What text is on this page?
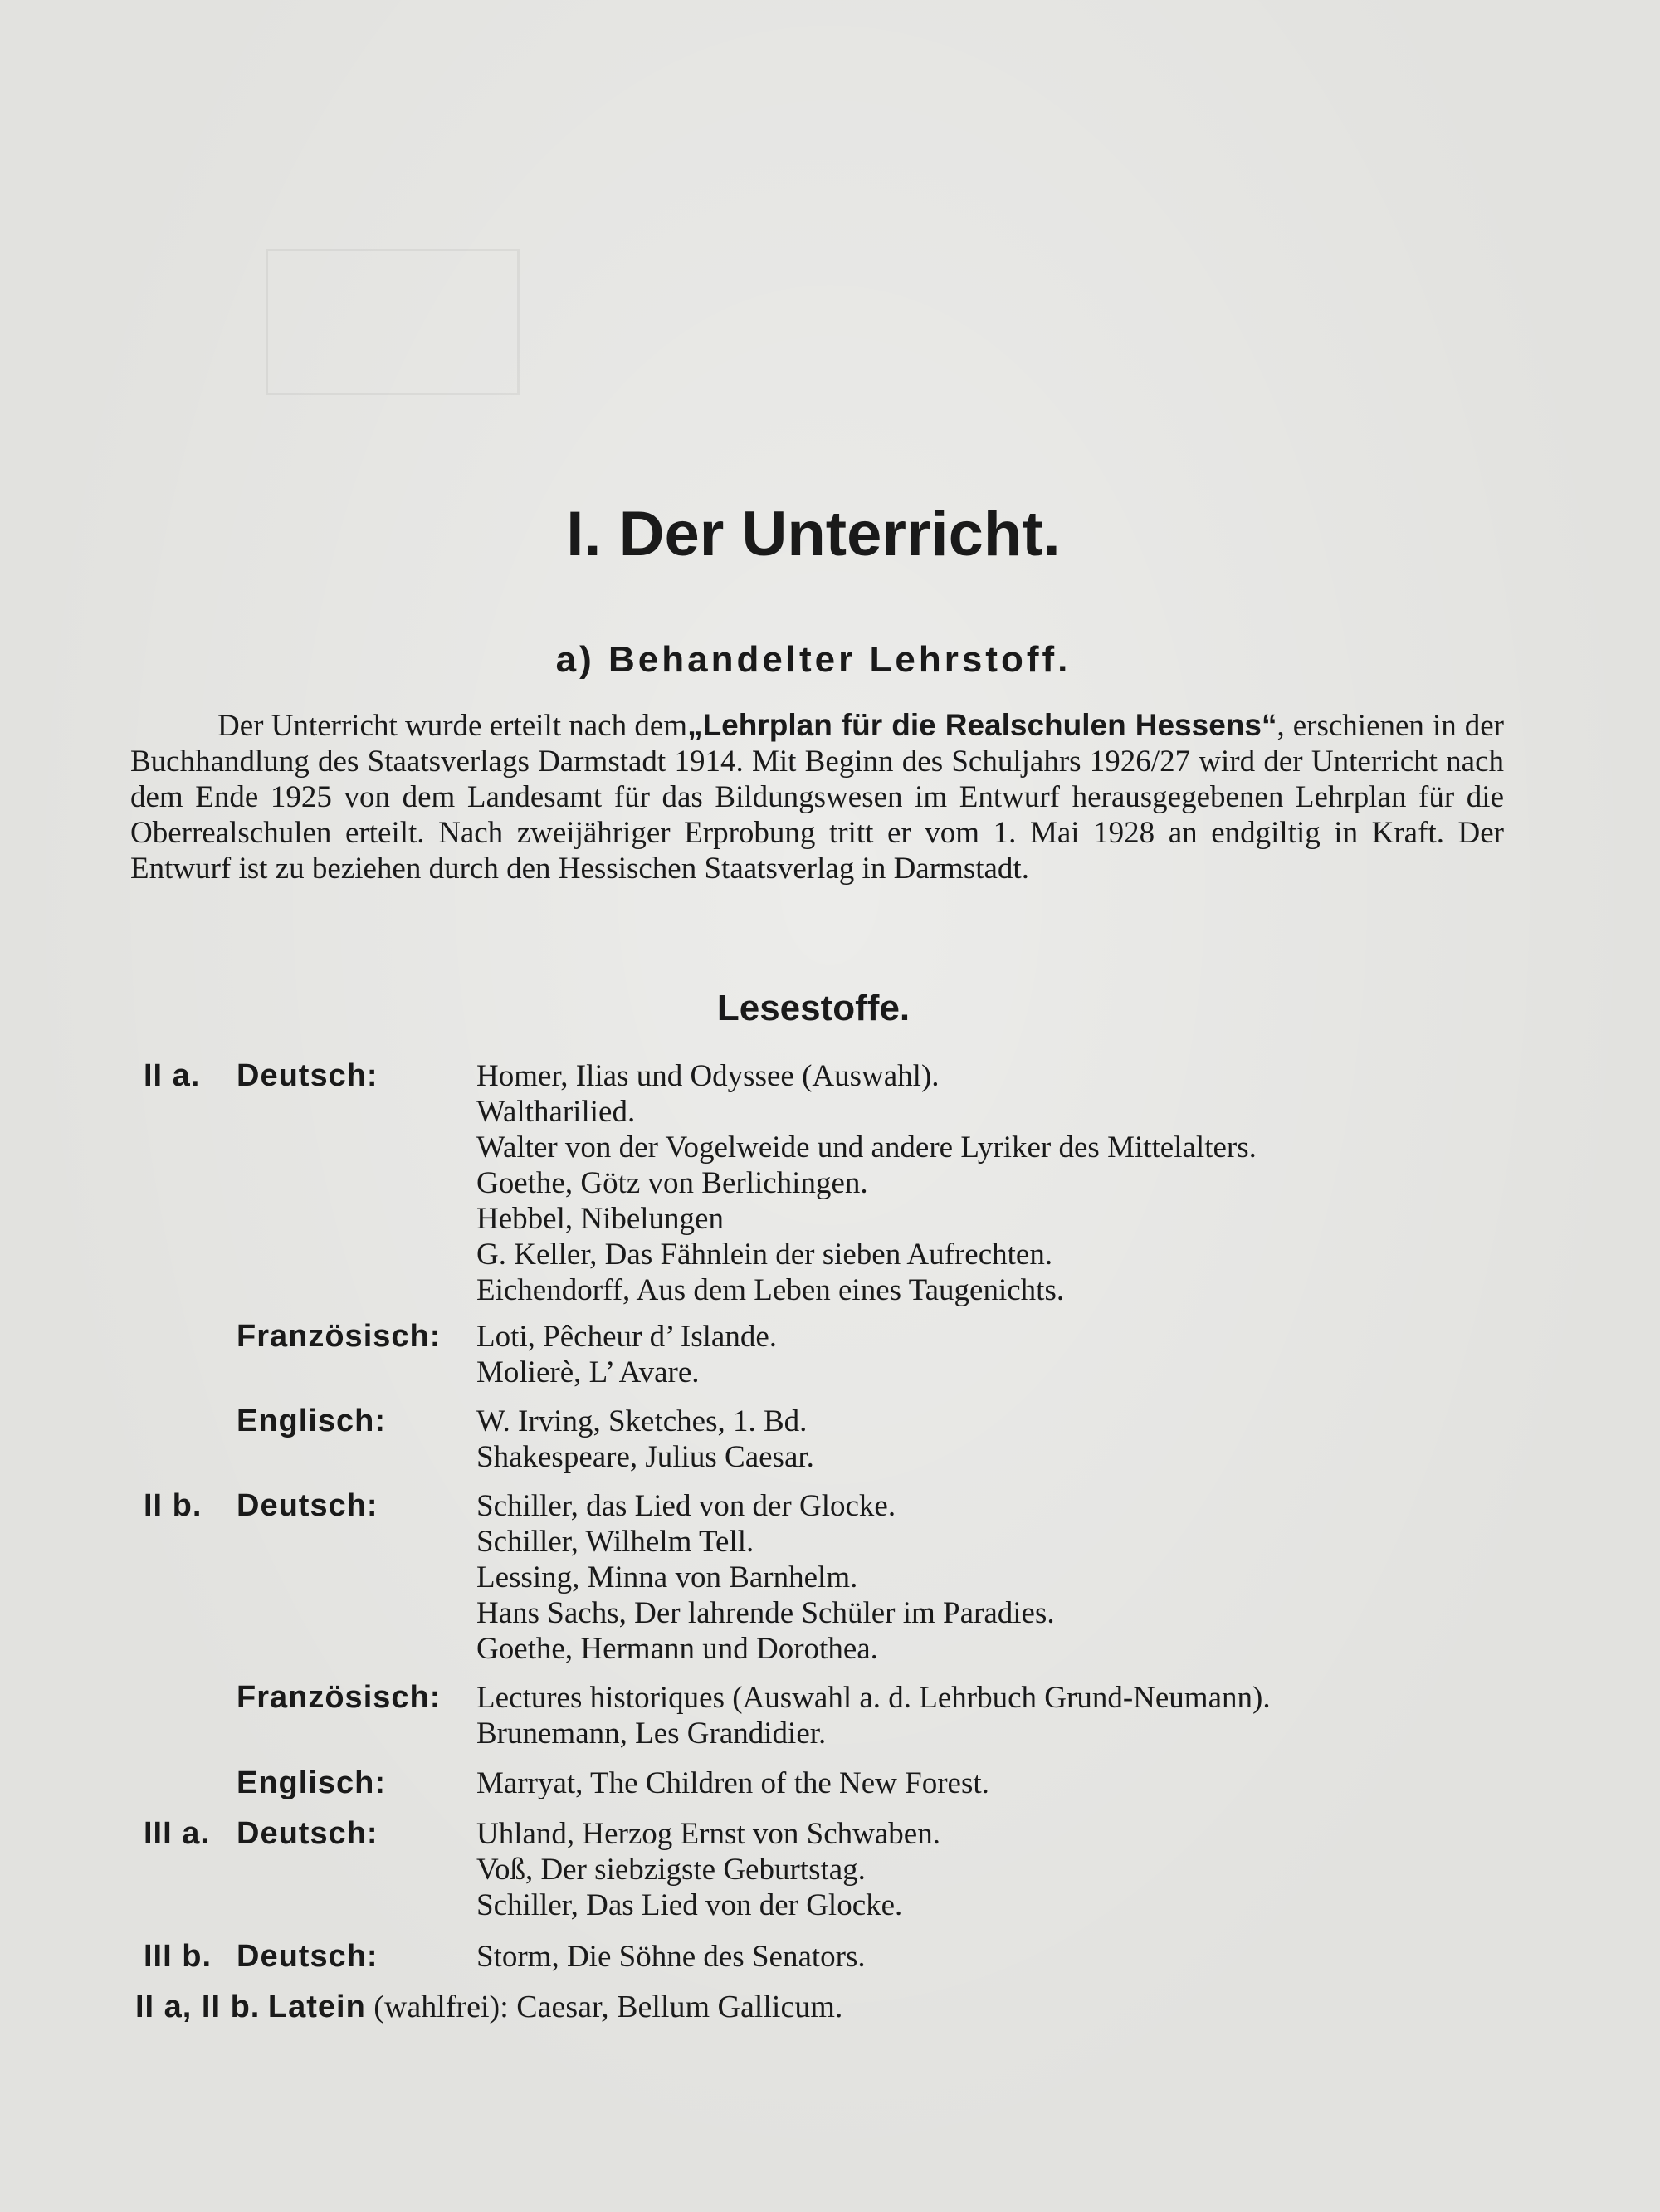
I. Der Unterricht.
a) Behandelter Lehrstoff.

Der Unterricht wurde erteilt nach dem„Lehrplan für die Realschulen Hessens“, erschienen in der Buchhandlung des Staatsverlags Darmstadt 1914. Mit Beginn des Schuljahrs 1926/27 wird der Unterricht nach dem Ende 1925 von dem Landesamt für das Bildungswesen im Entwurf herausgegebenen Lehrplan für die Oberrealschulen erteilt. Nach zweijähriger Erprobung tritt er vom 1. Mai 1928 an endgiltig in Kraft. Der Entwurf ist zu beziehen durch den Hessischen Staatsverlag in Darmstadt.

Lesestoffe.
II a. Deutsch:	Homer, Ilias und Odyssee (Auswahl).
Waltharilied.
Walter von der Vogelweide und andere Lyriker des Mittelalters.
Goethe, Götz von Berlichingen.
Hebbel, Nibelungen
G. Keller, Das Fähnlein der sieben Aufrechten.
Eichendorff, Aus dem Leben eines Taugenichts.
Französisch: Loti, Pêcheur d’ Islande.
Molierè, L’ Avare.
Englisch:	W. Irving, Sketches, 1. Bd.
Shakespeare, Julius Caesar.
II b. Deutsch:	Schiller, das Lied von der Glocke.
Schiller, Wilhelm Tell.
Lessing, Minna von Barnhelm.
Hans Sachs, Der lahrende Schüler im Paradies.
Goethe, Hermann und Dorothea.
Französisch: Lectures historiques (Auswahl a. d. Lehrbuch Grund-Neumann).
Brunemann, Les Grandidier.
Englisch:	Marryat, The Children of the New Forest.
III a. Deutsch:	Uhland, Herzog Ernst von Schwaben.
Voß, Der siebzigste Geburtstag.
Schiller, Das Lied von der Glocke.
III b. Deutsch:	Storm, Die Söhne des Senators.
II a, II b. Latein (wahlfrei): Caesar, Bellum Gallicum.
